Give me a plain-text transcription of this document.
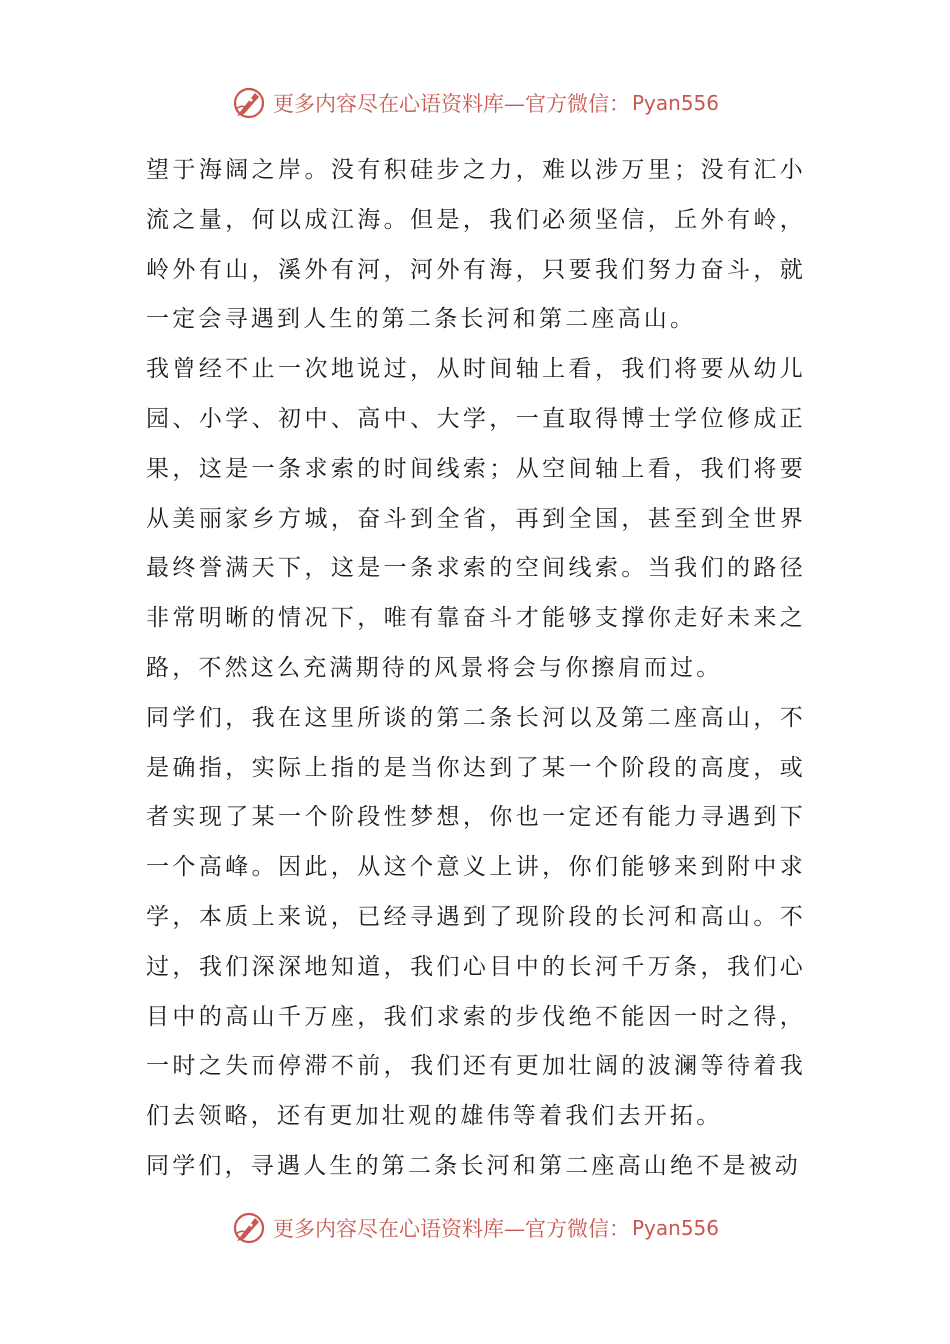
更多内容尽在心语资料库—官方微信： Pyan556

望于海阔之岸。没有积硅步之力，难以涉万里；没有汇小流之量，何以成江海。但是，我们必须坚信，丘外有岭，岭外有山，溪外有河，河外有海，只要我们努力奋斗，就一定会寻遇到人生的第二条长河和第二座高山。

我曾经不止一次地说过，从时间轴上看，我们将要从幼儿园、小学、初中、高中、大学，一直取得博士学位修成正果，这是一条求索的时间线索；从空间轴上看，我们将要从美丽家乡方城，奋斗到全省，再到全国，甚至到全世界最终誉满天下，这是一条求索的空间线索。当我们的路径非常明晰的情况下，唯有靠奋斗才能够支撑你走好未来之路，不然这么充满期待的风景将会与你擦肩而过。

同学们，我在这里所谈的第二条长河以及第二座高山，不是确指，实际上指的是当你达到了某一个阶段的高度，或者实现了某一个阶段性梦想，你也一定还有能力寻遇到下一个高峰。因此，从这个意义上讲，你们能够来到附中求学，本质上来说，已经寻遇到了现阶段的长河和高山。不过，我们深深地知道，我们心目中的长河千万条，我们心目中的高山千万座，我们求索的步伐绝不能因一时之得，一时之失而停滞不前，我们还有更加壮阔的波澜等待着我们去领略，还有更加壮观的雄伟等着我们去开拓。

同学们，寻遇人生的第二条长河和第二座高山绝不是被动

更多内容尽在心语资料库—官方微信： Pyan556
